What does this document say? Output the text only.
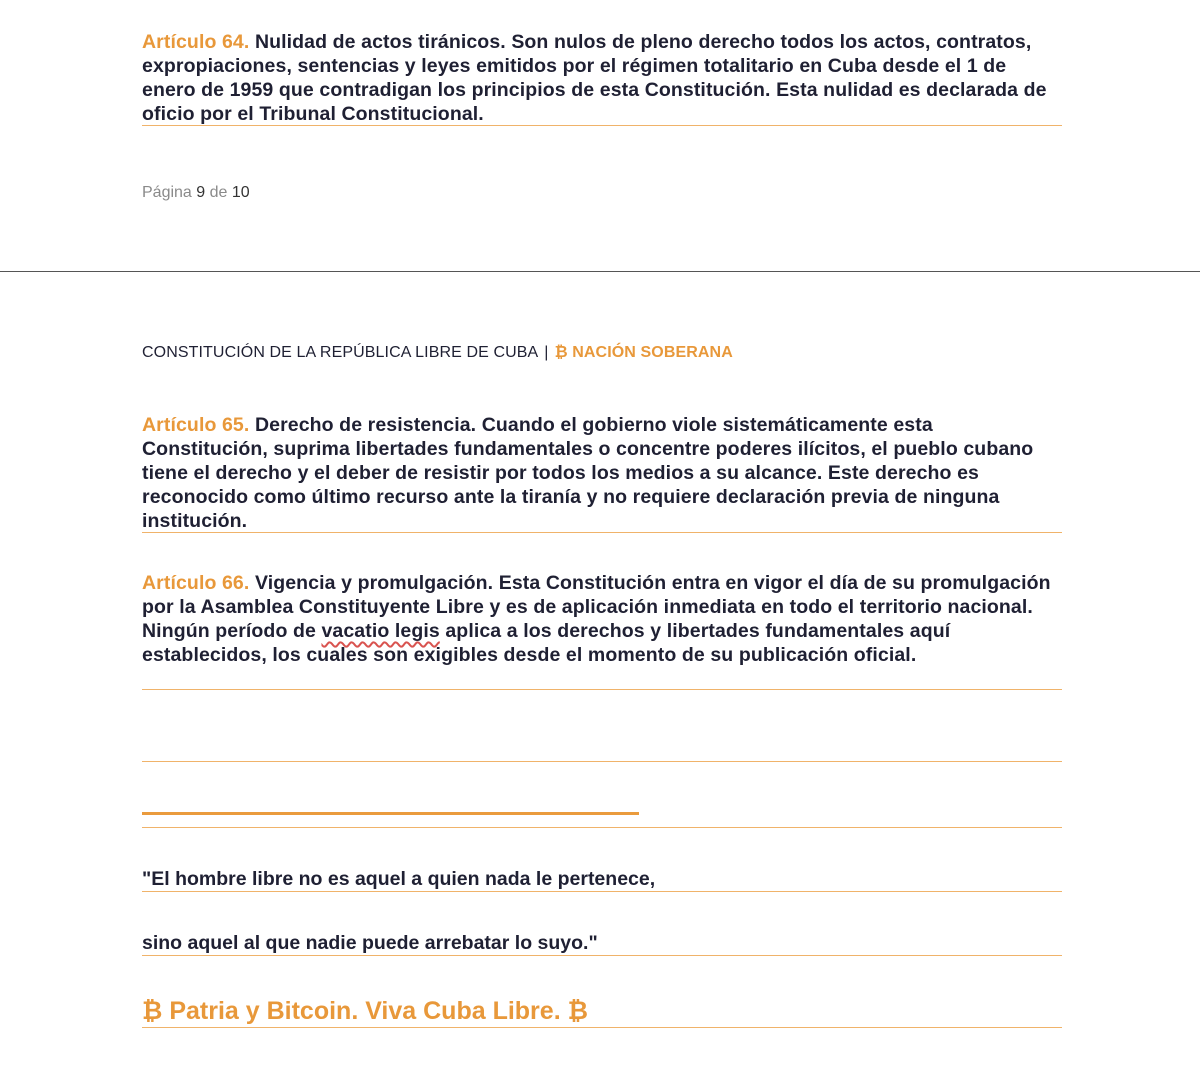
Artículo 64. Nulidad de actos tiránicos. Son nulos de pleno derecho todos los actos, contratos, expropiaciones, sentencias y leyes emitidos por el régimen totalitario en Cuba desde el 1 de enero de 1959 que contradigan los principios de esta Constitución. Esta nulidad es declarada de oficio por el Tribunal Constitucional.

Página 9 de 10
CONSTITUCIÓN DE LA REPÚBLICA LIBRE DE CUBA | ₿ NACIÓN SOBERANA

Artículo 65. Derecho de resistencia. Cuando el gobierno viole sistemáticamente esta Constitución, suprima libertades fundamentales o concentre poderes ilícitos, el pueblo cubano tiene el derecho y el deber de resistir por todos los medios a su alcance. Este derecho es reconocido como último recurso ante la tiranía y no requiere declaración previa de ninguna institución.

Artículo 66. Vigencia y promulgación. Esta Constitución entra en vigor el día de su promulgación por la Asamblea Constituyente Libre y es de aplicación inmediata en todo el territorio nacional. Ningún período de vacatio legis aplica a los derechos y libertades fundamentales aquí establecidos, los cuales son exigibles desde el momento de su publicación oficial.

"El hombre libre no es aquel a quien nada le pertenece,

sino aquel al que nadie puede arrebatar lo suyo."

₿ Patria y Bitcoin. Viva Cuba Libre. ₿
